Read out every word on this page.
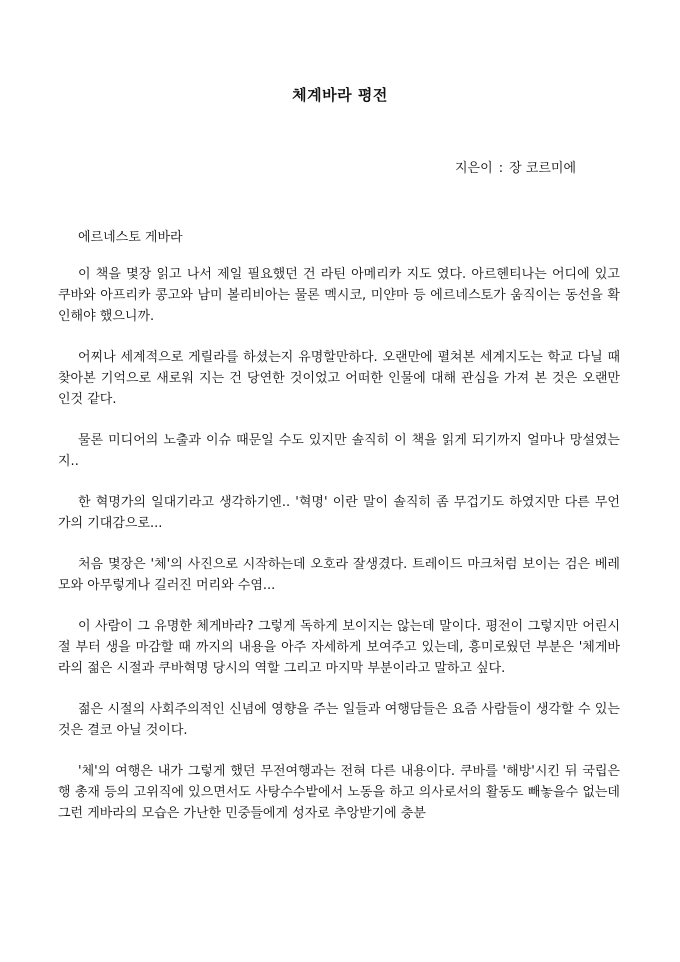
체계바라 평전
지은이 : 장 코르미에
에르네스토 게바라

이 책을 몇장 읽고 나서 제일 필요했던 건 라틴 아메리카 지도 였다. 아르헨티나는 어디에 있고 쿠바와 아프리카 콩고와 남미 볼리비아는 물론 멕시코, 미얀마 등 에르네스토가 움직이는 동선을 확인해야 했으니까.

어찌나 세계적으로 게릴라를 하셨는지 유명할만하다. 오랜만에 펼쳐본 세계지도는 학교 다닐 때 찾아본 기억으로 새로워 지는 건 당연한 것이었고 어떠한 인물에 대해 관심을 가져 본 것은 오랜만 인것 같다.

물론 미디어의 노출과 이슈 때문일 수도 있지만 솔직히 이 책을 읽게 되기까지 얼마나 망설였는지..

한 혁명가의 일대기라고 생각하기엔.. '혁명' 이란 말이 솔직히 좀 무겁기도 하였지만 다른 무언가의 기대감으로...

처음 몇장은 '체'의 사진으로 시작하는데 오호라 잘생겼다. 트레이드 마크처럼 보이는 검은 베레모와 아무렇게나 길러진 머리와 수염...

이 사람이 그 유명한 체게바라? 그렇게 독하게 보이지는 않는데 말이다. 평전이 그렇지만 어린시절 부터 생을 마감할 때 까지의 내용을 아주 자세하게 보여주고 있는데, 흥미로웠던 부분은 '체게바라의 젊은 시절과 쿠바혁명 당시의 역할 그리고 마지막 부분이라고 말하고 싶다.

젊은 시절의 사회주의적인 신념에 영향을 주는 일들과 여행담들은 요즘 사람들이 생각할 수 있는 것은 결코 아닐 것이다.

'체'의 여행은 내가 그렇게 했던 무전여행과는 전혀 다른 내용이다. 쿠바를 '해방'시킨 뒤 국립은행 총재 등의 고위직에 있으면서도 사탕수수밭에서 노동을 하고 의사로서의 활동도 빼놓을수 없는데 그런 게바라의 모습은 가난한 민중들에게 성자로 추앙받기에 충분
